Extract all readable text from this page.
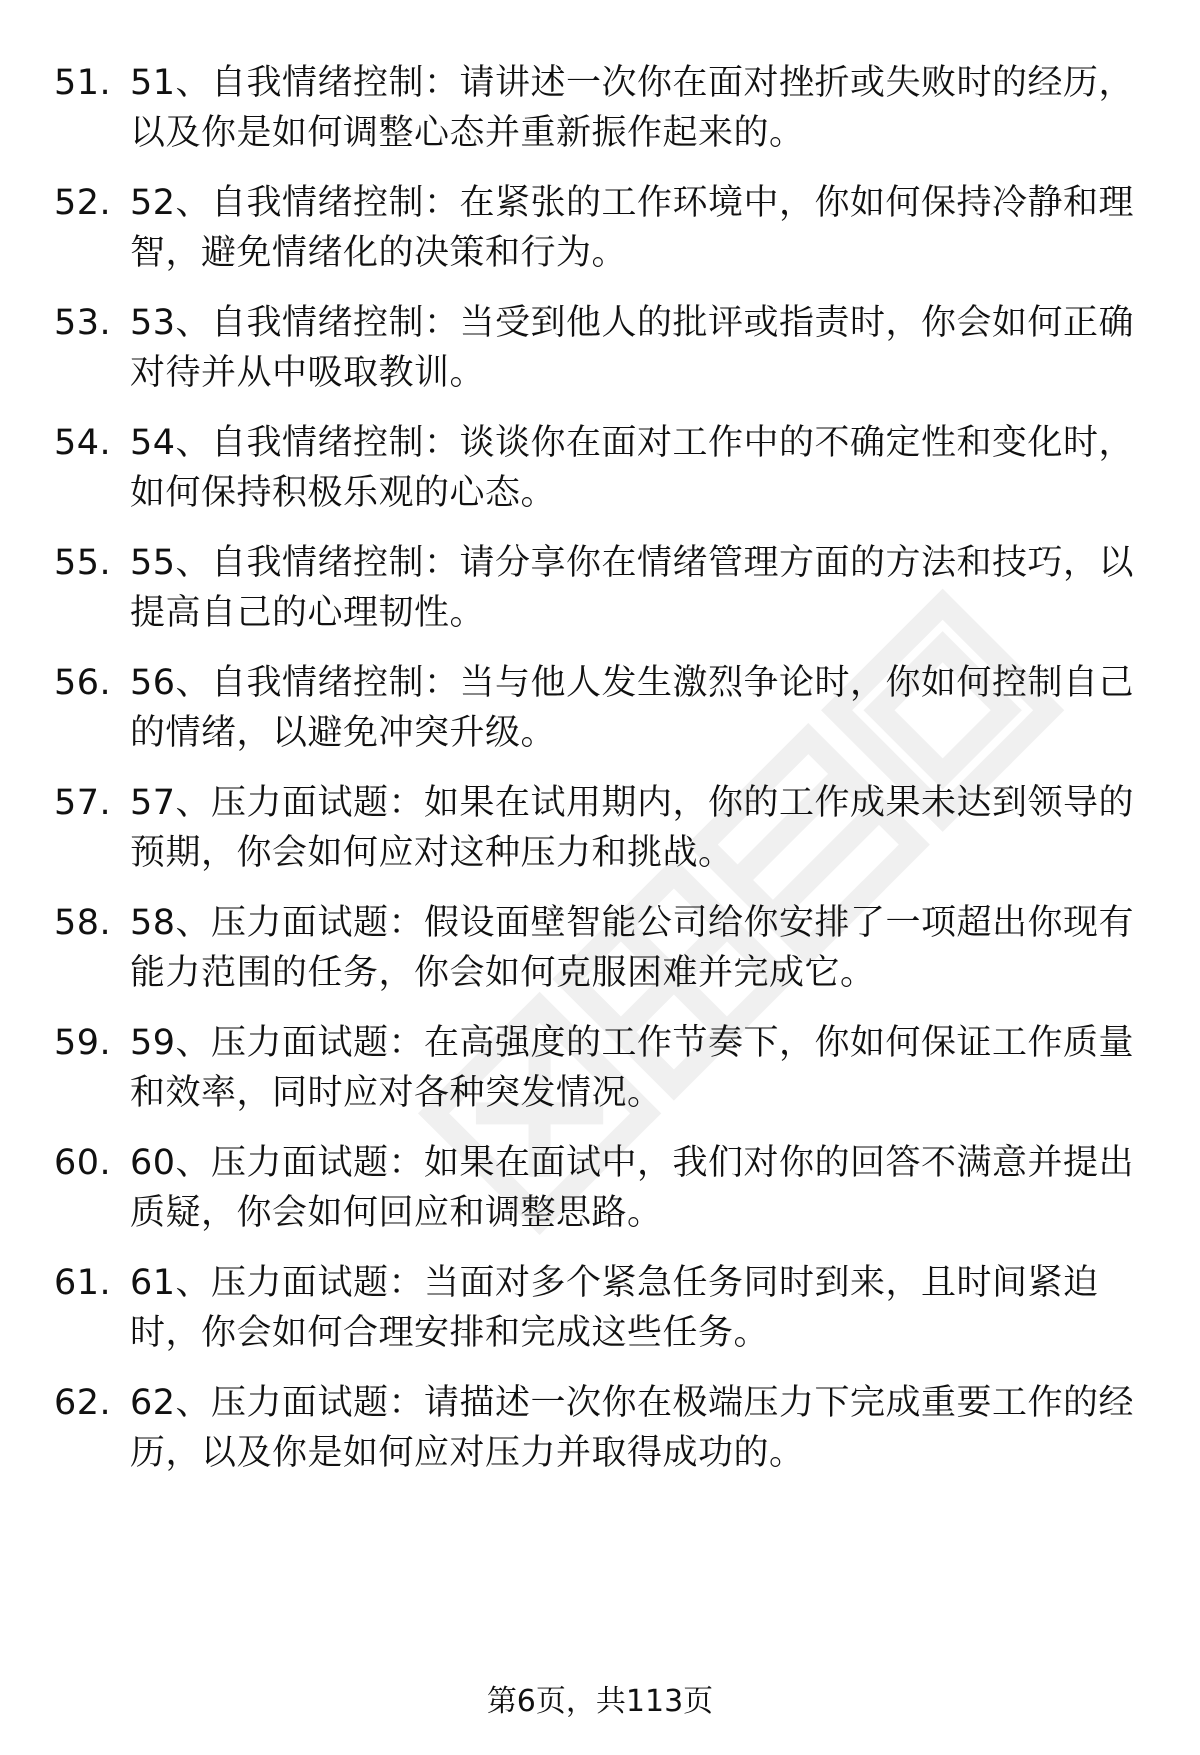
51. 51、自我情绪控制：请讲述一次你在面对挫折或失败时的经历，以及你是如何调整心态并重新振作起来的。
52. 52、自我情绪控制：在紧张的工作环境中，你如何保持冷静和理智，避免情绪化的决策和行为。
53. 53、自我情绪控制：当受到他人的批评或指责时，你会如何正确对待并从中吸取教训。
54. 54、自我情绪控制：谈谈你在面对工作中的不确定性和变化时，如何保持积极乐观的心态。
55. 55、自我情绪控制：请分享你在情绪管理方面的方法和技巧，以提高自己的心理韧性。
56. 56、自我情绪控制：当与他人发生激烈争论时，你如何控制自己的情绪，以避免冲突升级。
57. 57、压力面试题：如果在试用期内，你的工作成果未达到领导的预期，你会如何应对这种压力和挑战。
58. 58、压力面试题：假设面壁智能公司给你安排了一项超出你现有能力范围的任务，你会如何克服困难并完成它。
59. 59、压力面试题：在高强度的工作节奏下，你如何保证工作质量和效率，同时应对各种突发情况。
60. 60、压力面试题：如果在面试中，我们对你的回答不满意并提出质疑，你会如何回应和调整思路。
61. 61、压力面试题：当面对多个紧急任务同时到来，且时间紧迫时，你会如何合理安排和完成这些任务。
62. 62、压力面试题：请描述一次你在极端压力下完成重要工作的经历，以及你是如何应对压力并取得成功的。
第6页，共113页
